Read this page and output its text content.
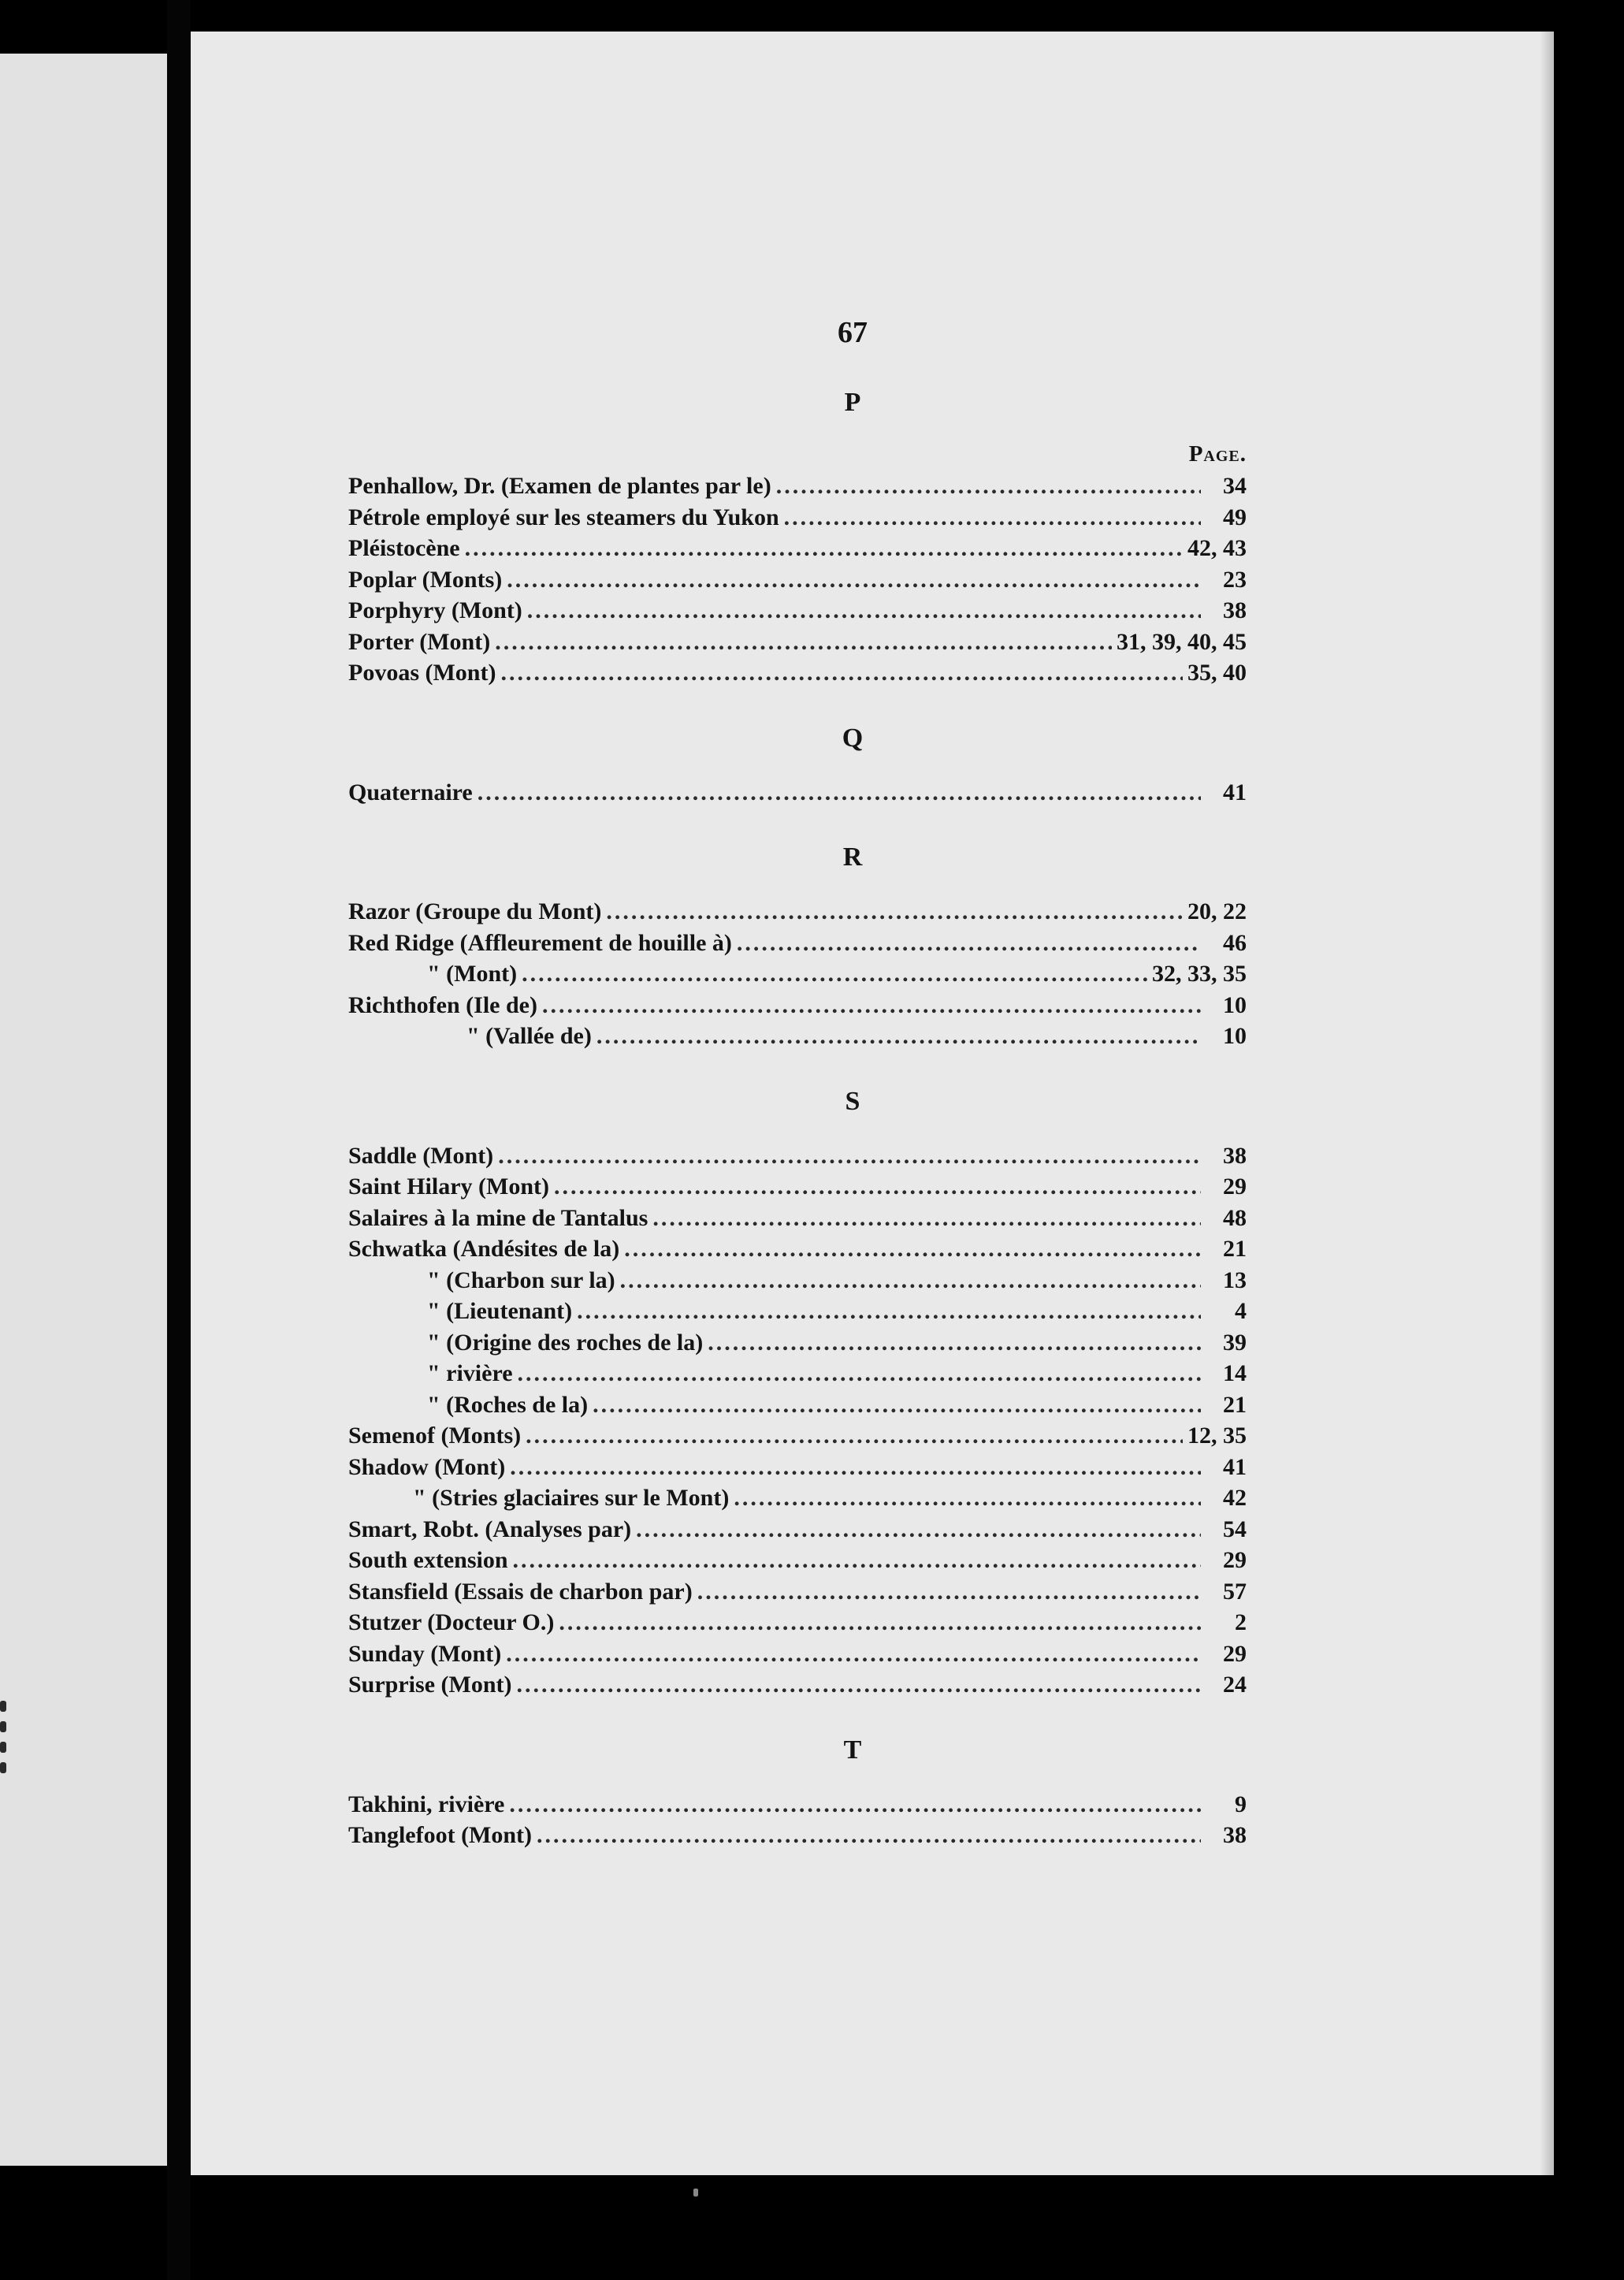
67
P
Page.
Penhallow, Dr. (Examen de plantes par le) .....	34
Pétrole employé sur les steamers du Yukon .....	49
Pléistocène .....	42, 43
Poplar (Monts) .....	23
Porphyry (Mont) .....	38
Porter (Mont) .....	31, 39, 40, 45
Povoas (Mont) .....	35, 40
Q
Quaternaire .....	41
R
Razor (Groupe du Mont) .....	20, 22
Red Ridge (Affleurement de houille à) .....	46
" (Mont) .....	32, 33, 35
Richthofen (Ile de) .....	10
" (Vallée de) .....	10
S
Saddle (Mont) .....	38
Saint Hilary (Mont) .....	29
Salaires à la mine de Tantalus .....	48
Schwatka (Andésites de la) .....	21
" (Charbon sur la) .....	13
" (Lieutenant) .....	4
" (Origine des roches de la) .....	39
" rivière .....	14
" (Roches de la) .....	21
Semenof (Monts) .....	12, 35
Shadow (Mont) .....	41
" (Stries glaciaires sur le Mont) .....	42
Smart, Robt. (Analyses par) .....	54
South extension .....	29
Stansfield (Essais de charbon par) .....	57
Stutzer (Docteur O.) .....	2
Sunday (Mont) .....	29
Surprise (Mont) .....	24
T
Takhini, rivière .....	9
Tanglefoot (Mont) .....	38
